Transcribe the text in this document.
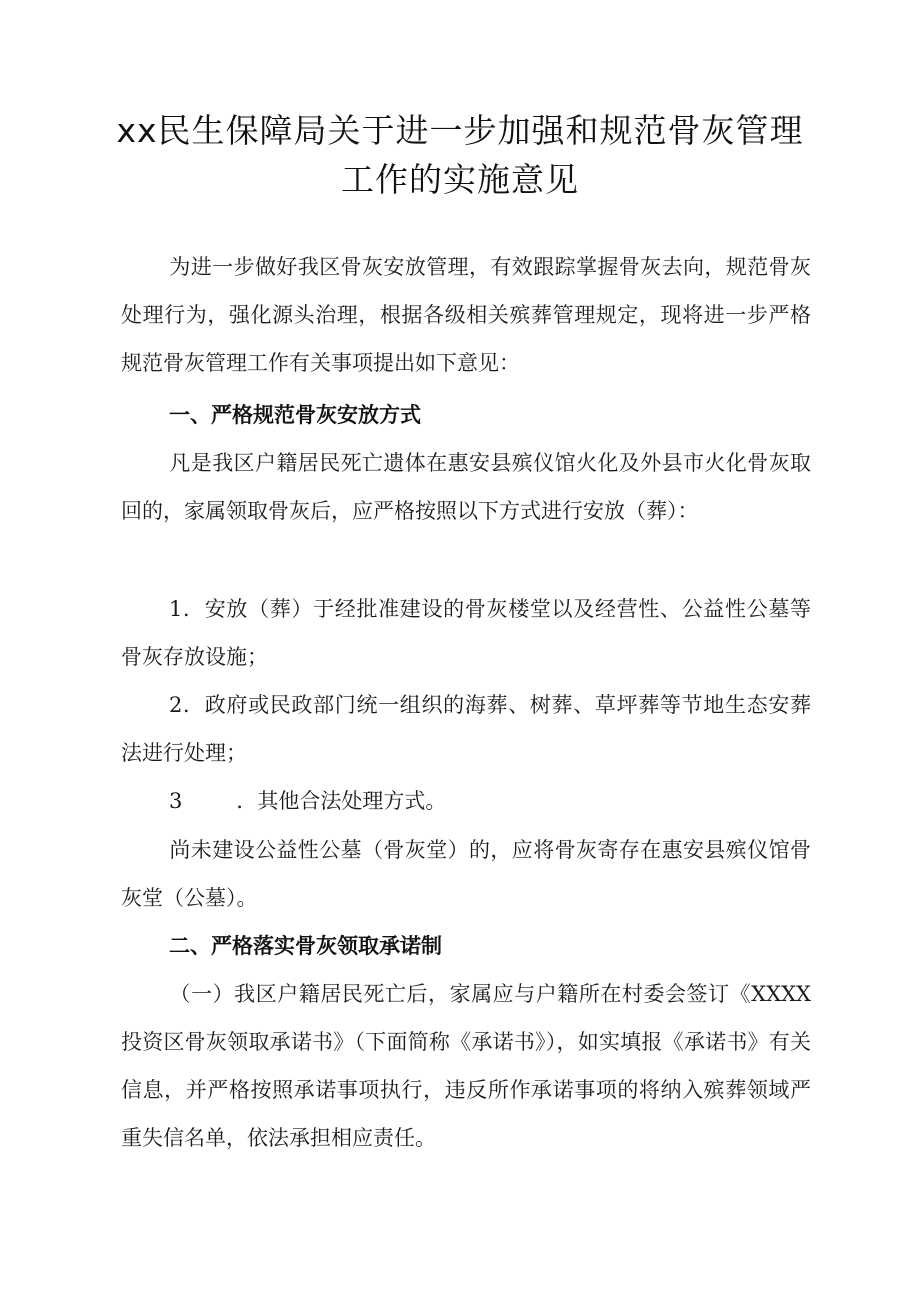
xx民生保障局关于进一步加强和规范骨灰管理
工作的实施意见

为进一步做好我区骨灰安放管理，有效跟踪掌握骨灰去向，规范骨灰处理行为，强化源头治理，根据各级相关殡葬管理规定，现将进一步严格规范骨灰管理工作有关事项提出如下意见：

一、严格规范骨灰安放方式

凡是我区户籍居民死亡遗体在惠安县殡仪馆火化及外县市火化骨灰取回的，家属领取骨灰后，应严格按照以下方式进行安放（葬）：

1．安放（葬）于经批准建设的骨灰楼堂以及经营性、公益性公墓等骨灰存放设施；

2．政府或民政部门统一组织的海葬、树葬、草坪葬等节地生态安葬法进行处理；

3	．其他合法处理方式。

尚未建设公益性公墓（骨灰堂）的，应将骨灰寄存在惠安县殡仪馆骨灰堂（公墓）。

二、严格落实骨灰领取承诺制

（一）我区户籍居民死亡后，家属应与户籍所在村委会签订《XXXX投资区骨灰领取承诺书》（下面简称《承诺书》），如实填报《承诺书》有关信息，并严格按照承诺事项执行，违反所作承诺事项的将纳入殡葬领域严重失信名单，依法承担相应责任。
